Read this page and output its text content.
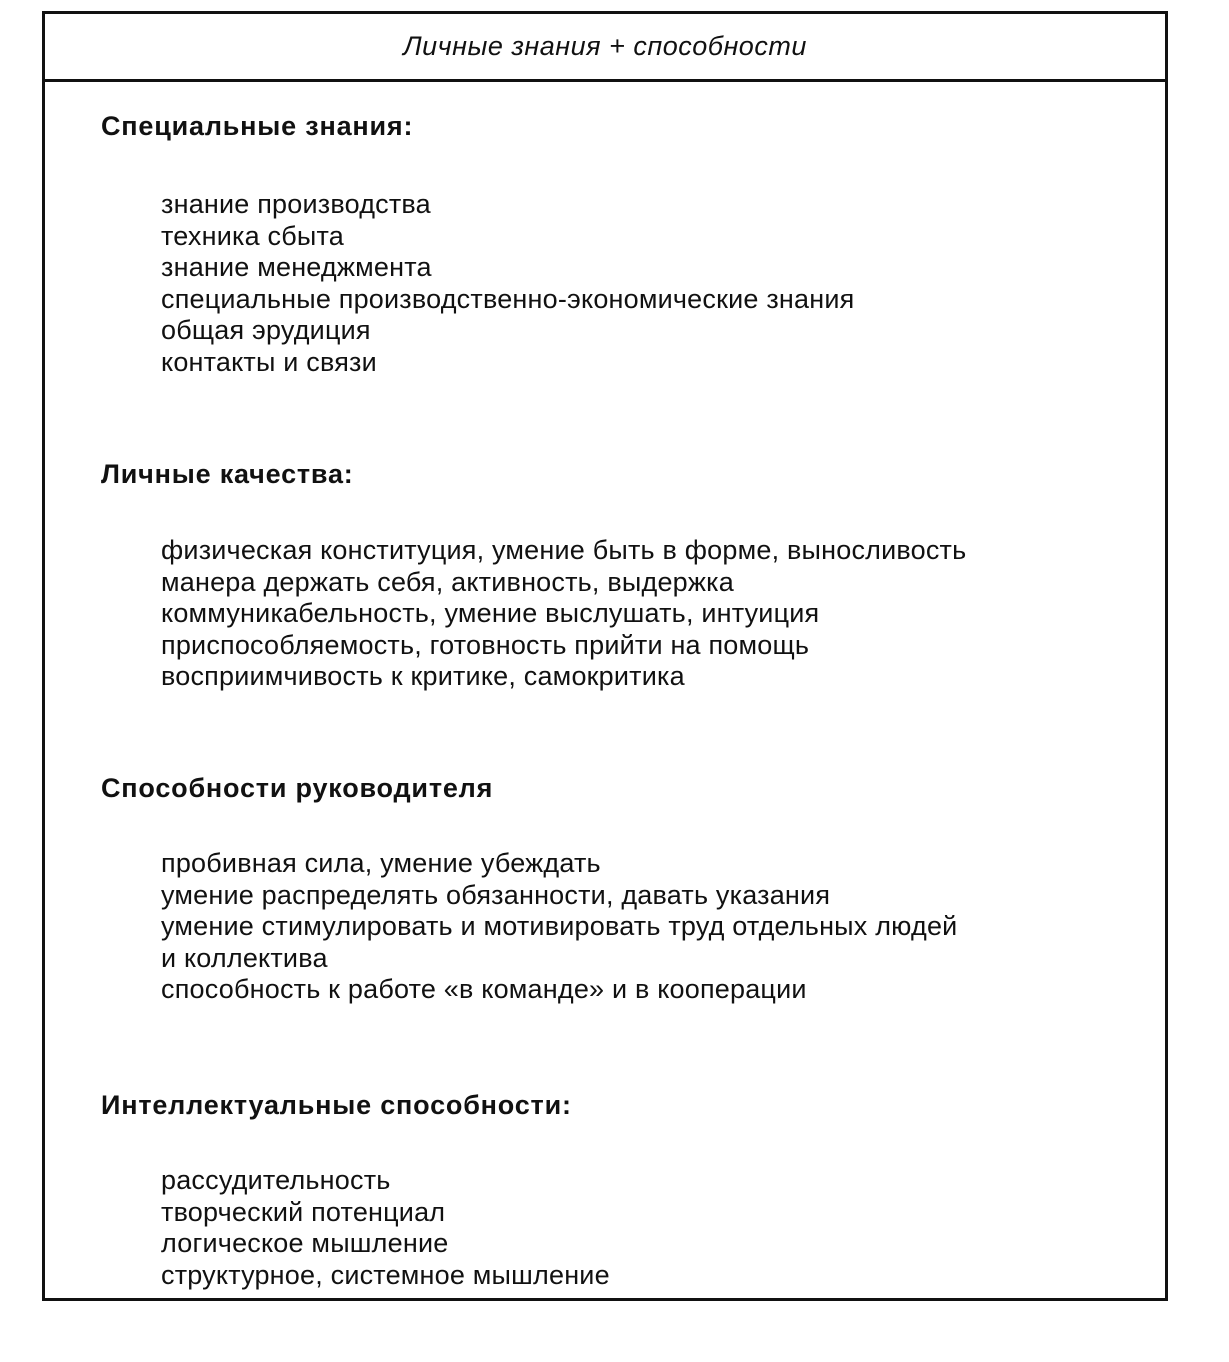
Личные знания + способности
Специальные знания:
знание производства
техника сбыта
знание менеджмента
специальные производственно-экономические знания
общая эрудиция
контакты и связи
Личные качества:
физическая конституция, умение быть в форме, выносливость
манера держать себя, активность, выдержка
коммуникабельность, умение выслушать, интуиция
приспособляемость, готовность прийти на помощь
восприимчивость к критике, самокритика
Способности руководителя
пробивная сила, умение убеждать
умение распределять обязанности, давать указания
умение стимулировать и мотивировать труд отдельных людей
и коллектива
способность к работе «в команде» и в кооперации
Интеллектуальные способности:
рассудительность
творческий потенциал
логическое мышление
структурное, системное мышление
